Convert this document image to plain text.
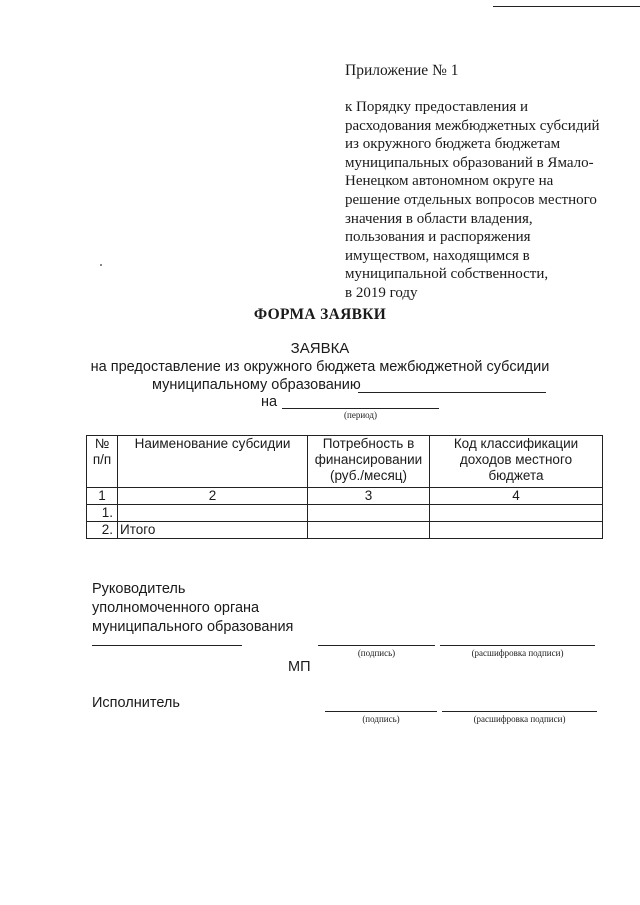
Приложение № 1
к Порядку предоставления и
расходования межбюджетных субсидий
из окружного бюджета бюджетам
муниципальных образований в Ямало-
Ненецком автономном округе на
решение отдельных вопросов местного
значения в области владения,
пользования и распоряжения
имуществом, находящимся в
муниципальной собственности,
в 2019 году
ФОРМА ЗАЯВКИ
ЗАЯВКА
на предоставление из окружного бюджета межбюджетной субсидии
муниципальному образованию
на
(период)
№ п/п	Наименование субсидии	Потребность в финансировании (руб./месяц)	Код классификации доходов местного бюджета
1	2	3	4
1.			
2.	Итого		
Руководитель
уполномоченного органа
муниципального образования
(подпись)	(расшифровка подписи)
МП
Исполнитель
(подпись)	(расшифровка подписи)
